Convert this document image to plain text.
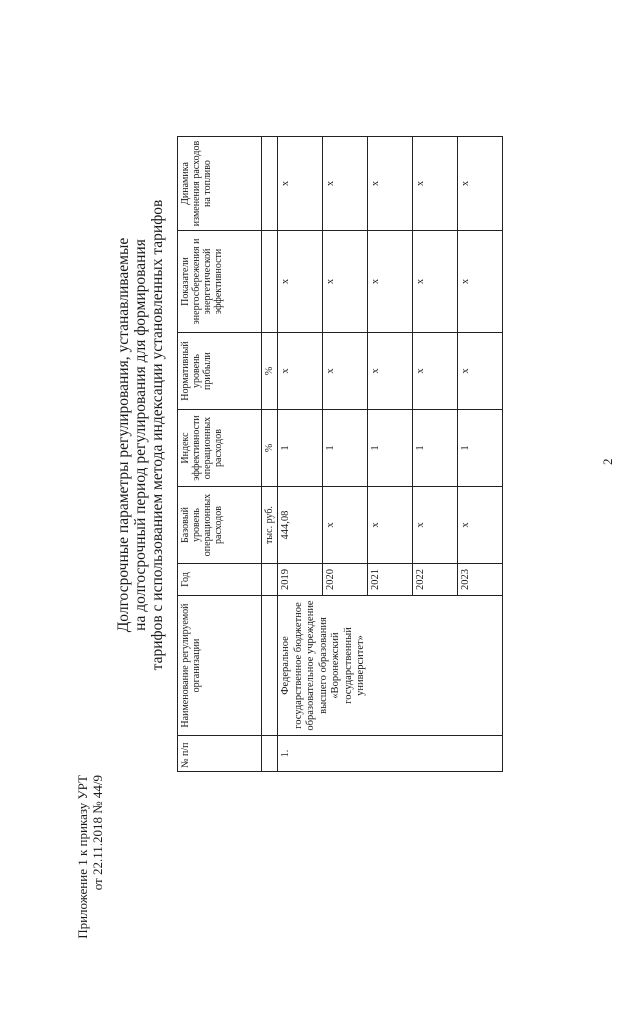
2
Приложение 1 к приказу УРТ от 22.11.2018 № 44/9
Долгосрочные параметры регулирования, устанавливаемые на долгосрочный период регулирования для формирования тарифов с использованием метода индексации установленных тарифов
№ п/п	Наименование регулируемой организации	Год	Базовый уровень операционных расходов	Индекс эффективности операционных расходов	Нормативный уровень прибыли	Показатели энергосбережения и энергетической эффективности	Динамика изменения расходов на топливо
			тыс. руб.	%	%		
1.	Федеральное государственное бюджетное образовательное учреждение высшего образования «Воронежский государственный университет»	2019	444,08	1	х	х	х
		2020	х	1	х	х	х
		2021	х	1	х	х	х
		2022	х	1	х	х	х
		2023	х	1	х	х	х
